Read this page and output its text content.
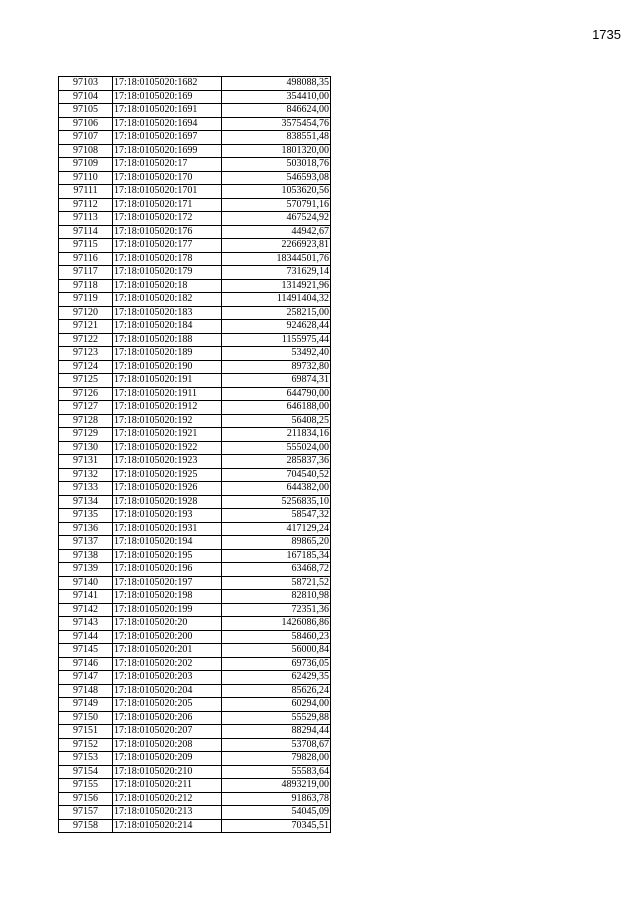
1735
97103	17:18:0105020:1682	498088,35
97104	17:18:0105020:169	354410,00
97105	17:18:0105020:1691	846624,00
97106	17:18:0105020:1694	3575454,76
97107	17:18:0105020:1697	838551,48
97108	17:18:0105020:1699	1801320,00
97109	17:18:0105020:17	503018,76
97110	17:18:0105020:170	546593,08
97111	17:18:0105020:1701	1053620,56
97112	17:18:0105020:171	570791,16
97113	17:18:0105020:172	467524,92
97114	17:18:0105020:176	44942,67
97115	17:18:0105020:177	2266923,81
97116	17:18:0105020:178	18344501,76
97117	17:18:0105020:179	731629,14
97118	17:18:0105020:18	1314921,96
97119	17:18:0105020:182	11491404,32
97120	17:18:0105020:183	258215,00
97121	17:18:0105020:184	924628,44
97122	17:18:0105020:188	1155975,44
97123	17:18:0105020:189	53492,40
97124	17:18:0105020:190	89732,80
97125	17:18:0105020:191	69874,31
97126	17:18:0105020:1911	644790,00
97127	17:18:0105020:1912	646188,00
97128	17:18:0105020:192	56408,25
97129	17:18:0105020:1921	211834,16
97130	17:18:0105020:1922	555024,00
97131	17:18:0105020:1923	285837,36
97132	17:18:0105020:1925	704540,52
97133	17:18:0105020:1926	644382,00
97134	17:18:0105020:1928	5256835,10
97135	17:18:0105020:193	58547,32
97136	17:18:0105020:1931	417129,24
97137	17:18:0105020:194	89865,20
97138	17:18:0105020:195	167185,34
97139	17:18:0105020:196	63468,72
97140	17:18:0105020:197	58721,52
97141	17:18:0105020:198	82810,98
97142	17:18:0105020:199	72351,36
97143	17:18:0105020:20	1426086,86
97144	17:18:0105020:200	58460,23
97145	17:18:0105020:201	56000,84
97146	17:18:0105020:202	69736,05
97147	17:18:0105020:203	62429,35
97148	17:18:0105020:204	85626,24
97149	17:18:0105020:205	60294,00
97150	17:18:0105020:206	55529,88
97151	17:18:0105020:207	88294,44
97152	17:18:0105020:208	53708,67
97153	17:18:0105020:209	79828,00
97154	17:18:0105020:210	55583,64
97155	17:18:0105020:211	4893219,00
97156	17:18:0105020:212	91863,78
97157	17:18:0105020:213	54045,09
97158	17:18:0105020:214	70345,51
